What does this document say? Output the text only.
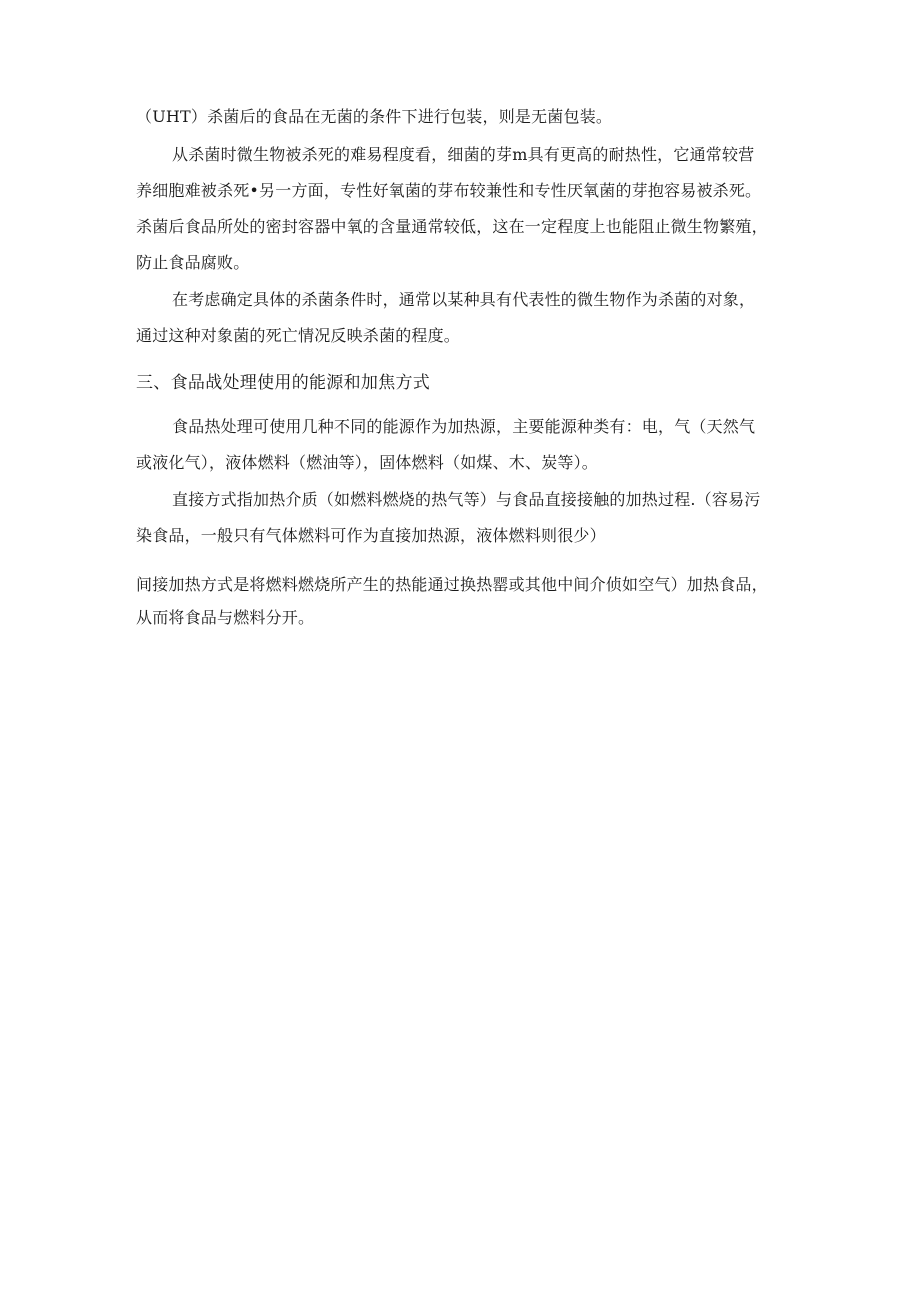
（UHT）杀菌后的食品在无菌的条件下进行包装，则是无菌包装。
从杀菌时微生物被杀死的难易程度看，细菌的芽m具有更高的耐热性，它通常较营
养细胞难被杀死•另一方面，专性好氧菌的芽布较兼性和专性厌氧菌的芽抱容易被杀死。
杀菌后食品所处的密封容器中氧的含量通常较低，这在一定程度上也能阻止微生物繁殖，
防止食品腐败。
在考虑确定具体的杀菌条件时，通常以某种具有代表性的微生物作为杀菌的对象，
通过这种对象菌的死亡情况反映杀菌的程度。
三、食品战处理使用的能源和加焦方式
食品热处理可使用几种不同的能源作为加热源，主要能源种类有：电，气（天然气
或液化气），液体燃料（燃油等），固体燃料（如煤、木、炭等）。
直接方式指加热介质（如燃料燃烧的热气等）与食品直接接触的加热过程.（容易污
染食品，一般只有气体燃料可作为直接加热源，液体燃料则很少）
间接加热方式是将燃料燃烧所产生的热能通过换热罂或其他中间介侦如空气）加热食品，
从而将食品与燃料分开。
